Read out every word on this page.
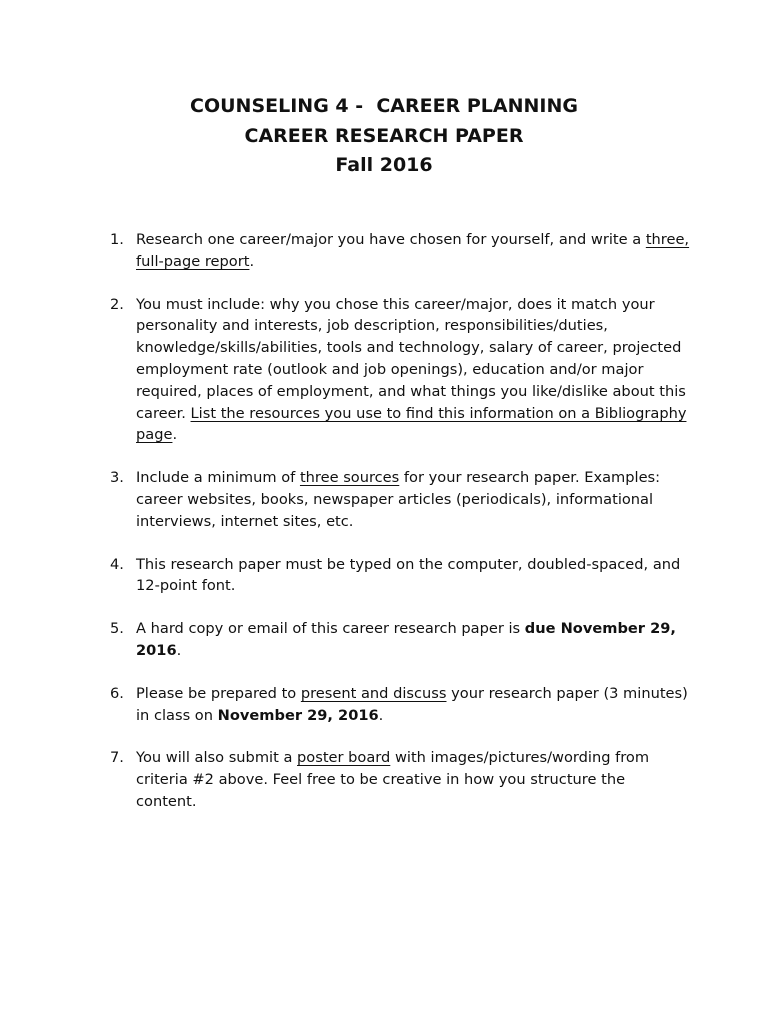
COUNSELING 4 -  CAREER PLANNING
CAREER RESEARCH PAPER
Fall 2016
1. Research one career/major you have chosen for yourself, and write a three, full-page report.
2. You must include: why you chose this career/major, does it match your personality and interests, job description, responsibilities/duties, knowledge/skills/abilities, tools and technology, salary of career, projected employment rate (outlook and job openings), education and/or major required, places of employment, and what things you like/dislike about this career. List the resources you use to find this information on a Bibliography page.
3. Include a minimum of three sources for your research paper. Examples: career websites, books, newspaper articles (periodicals), informational interviews, internet sites, etc.
4. This research paper must be typed on the computer, doubled-spaced, and 12-point font.
5. A hard copy or email of this career research paper is due November 29, 2016.
6. Please be prepared to present and discuss your research paper (3 minutes) in class on November 29, 2016.
7. You will also submit a poster board with images/pictures/wording from criteria #2 above. Feel free to be creative in how you structure the content.
